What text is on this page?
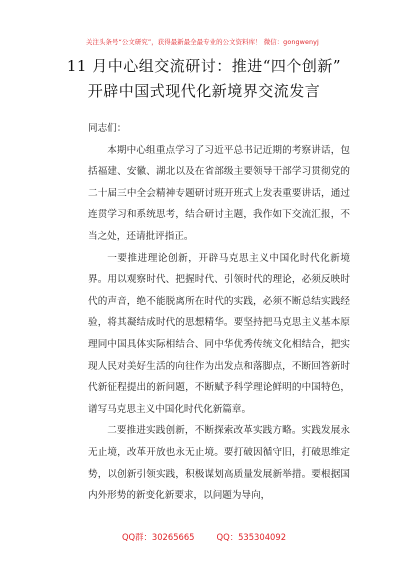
关注头条号“公文研究”，获得最新最全最专业的公文资料库！ 微信：gongwenyj
11 月中心组交流研讨：推进“四个创新”
开辟中国式现代化新境界交流发言

同志们：

本期中心组重点学习了习近平总书记近期的考察讲话，包括福建、安徽、湖北以及在省部级主要领导干部学习贯彻党的二十届三中全会精神专题研讨班开班式上发表重要讲话，通过连贯学习和系统思考，结合研讨主题，我作如下交流汇报，不当之处，还请批评指正。

一要推进理论创新，开辟马克思主义中国化时代化新境界。用以观察时代、把握时代、引领时代的理论，必须反映时代的声音，绝不能脱离所在时代的实践，必须不断总结实践经验，将其凝结成时代的思想精华。要坚持把马克思主义基本原理同中国具体实际相结合、同中华优秀传统文化相结合，把实现人民对美好生活的向往作为出发点和落脚点，不断回答新时代新征程提出的新问题，不断赋予科学理论鲜明的中国特色，谱写马克思主义中国化时代化新篇章。

二要推进实践创新，不断探索改革实践方略。实践发展永无止境，改革开放也永无止境。要打破因循守旧，打破思维定势，以创新引领实践，积极谋划高质量发展新举措。要根据国内外形势的新变化新要求，以问题为导向，

QQ群：30265665	QQ：535304092
